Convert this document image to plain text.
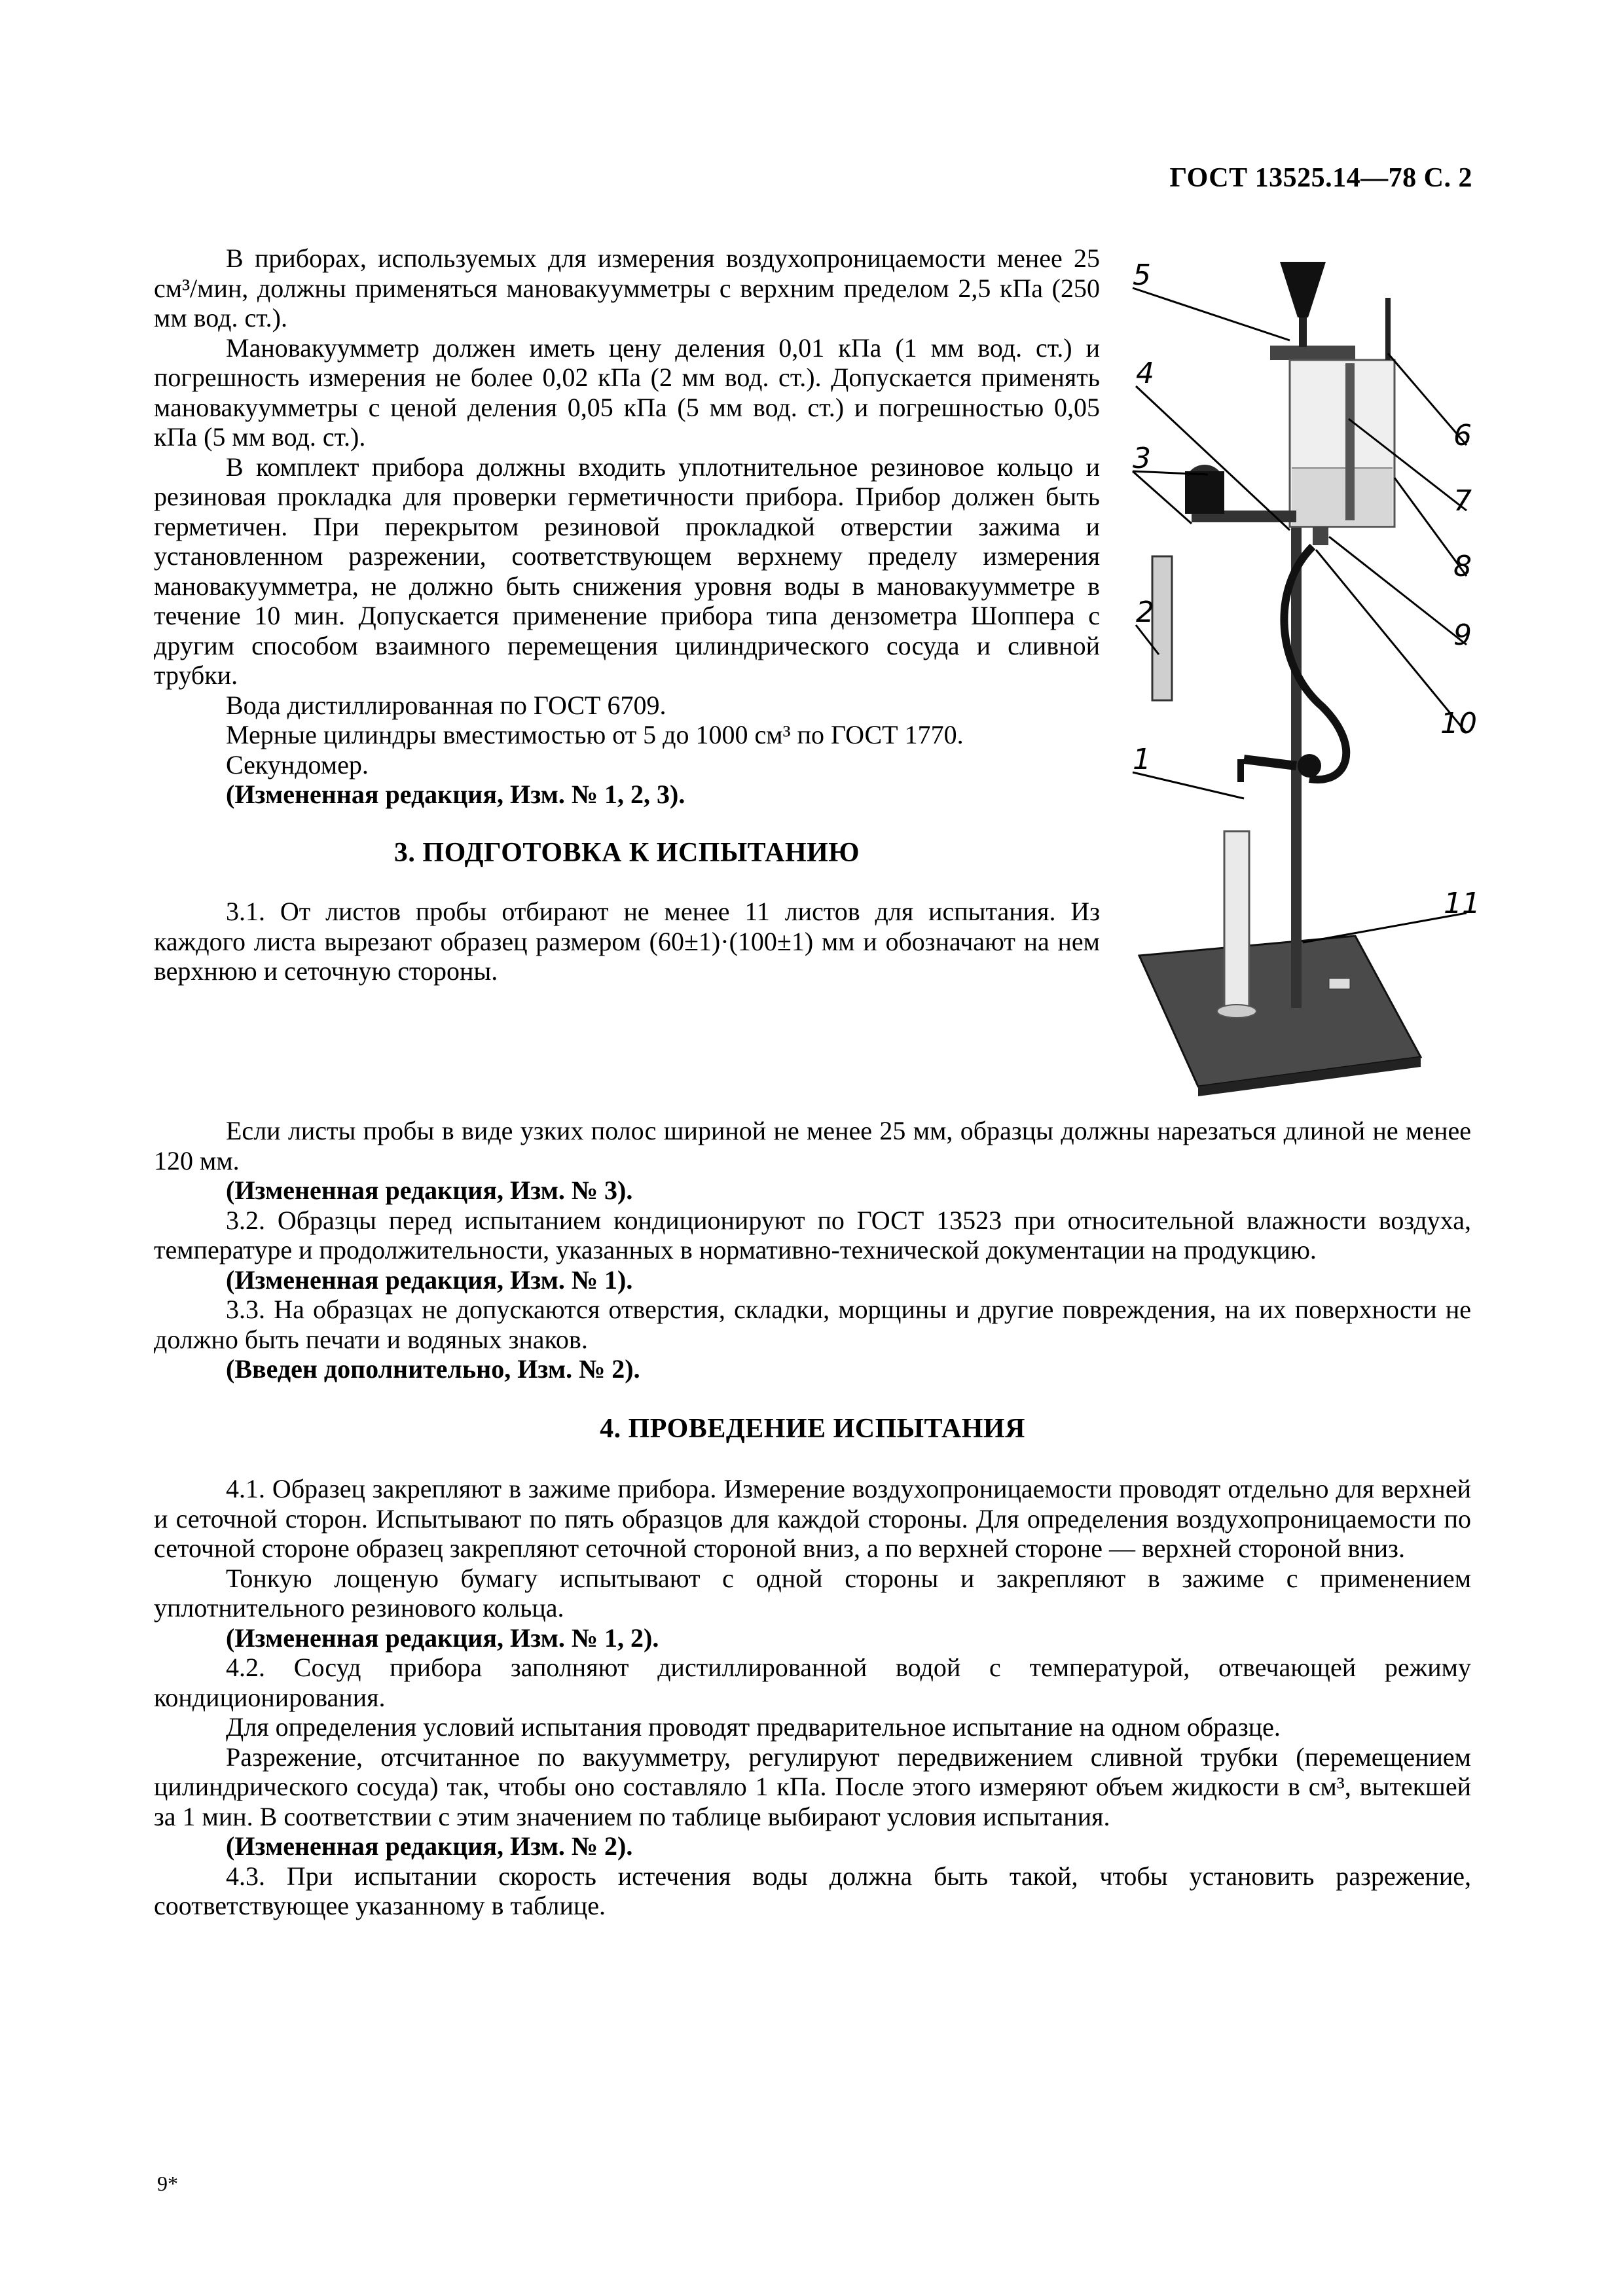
ГОСТ 13525.14—78 С. 2

В приборах, используемых для измерения воздухопроницаемости менее 25 см³/мин, должны применяться мановакуумметры с верхним пределом 2,5 кПа (250 мм вод. ст.).

Мановакуумметр должен иметь цену деления 0,01 кПа (1 мм вод. ст.) и погрешность измерения не более 0,02 кПа (2 мм вод. ст.). Допускается применять мановакуумметры с ценой деления 0,05 кПа (5 мм вод. ст.) и погрешностью 0,05 кПа (5 мм вод. ст.).

В комплект прибора должны входить уплотнительное резиновое кольцо и резиновая прокладка для проверки герметичности прибора. Прибор должен быть герметичен. При перекрытом резиновой прокладкой отверстии зажима и установленном разрежении, соответствующем верхнему пределу измерения мановакуумметра, не должно быть снижения уровня воды в мановакуумметре в течение 10 мин. Допускается применение прибора типа дензометра Шоппера с другим способом взаимного перемещения цилиндрического сосуда и сливной трубки.

Вода дистиллированная по ГОСТ 6709.

Мерные цилиндры вместимостью от 5 до 1000 см³ по ГОСТ 1770.

Секундомер.

(Измененная редакция, Изм. № 1, 2, 3).

3. ПОДГОТОВКА К ИСПЫТАНИЮ

3.1. От листов пробы отбирают не менее 11 листов для испытания. Из каждого листа вырезают образец размером (60±1)·(100±1) мм и обозначают на нем верхнюю и сеточную стороны.

Если листы пробы в виде узких полос шириной не менее 25 мм, образцы должны нарезаться длиной не менее 120 мм.

(Измененная редакция, Изм. № 3).

3.2. Образцы перед испытанием кондиционируют по ГОСТ 13523 при относительной влажности воздуха, температуре и продолжительности, указанных в нормативно-технической документации на продукцию.

(Измененная редакция, Изм. № 1).

3.3. На образцах не допускаются отверстия, складки, морщины и другие повреждения, на их поверхности не должно быть печати и водяных знаков.

(Введен дополнительно, Изм. № 2).

4. ПРОВЕДЕНИЕ ИСПЫТАНИЯ

4.1. Образец закрепляют в зажиме прибора. Измерение воздухопроницаемости проводят отдельно для верхней и сеточной сторон. Испытывают по пять образцов для каждой стороны. Для определения воздухопроницаемости по сеточной стороне образец закрепляют сеточной стороной вниз, а по верхней стороне — верхней стороной вниз.

Тонкую лощеную бумагу испытывают с одной стороны и закрепляют в зажиме с применением уплотнительного резинового кольца.

(Измененная редакция, Изм. № 1, 2).

4.2. Сосуд прибора заполняют дистиллированной водой с температурой, отвечающей режиму кондиционирования.

Для определения условий испытания проводят предварительное испытание на одном образце.

Разрежение, отсчитанное по вакуумметру, регулируют передвижением сливной трубки (перемещением цилиндрического сосуда) так, чтобы оно составляло 1 кПа. После этого измеряют объем жидкости в см³, вытекшей за 1 мин. В соответствии с этим значением по таблице выбирают условия испытания.

(Измененная редакция, Изм. № 2).

4.3. При испытании скорость истечения воды должна быть такой, чтобы установить разрежение, соответствующее указанному в таблице.

5
4
3
2
1
6
7
8
9
10
11
9*
